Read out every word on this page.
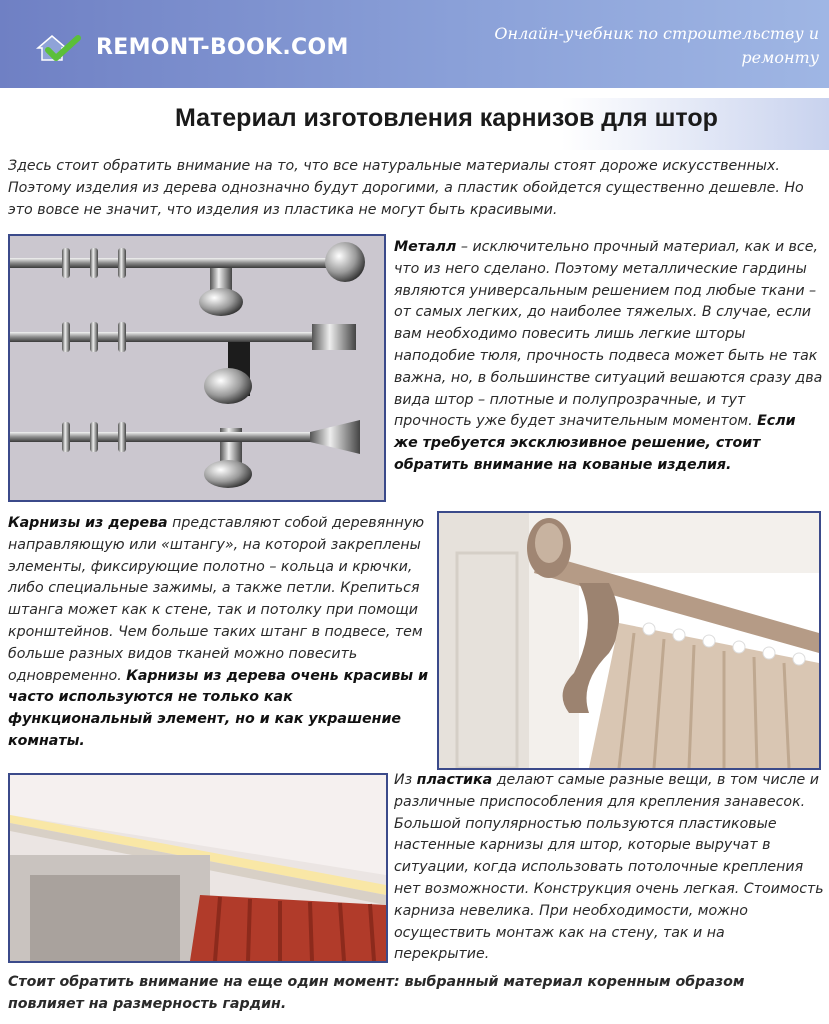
REMONT-BOOK.COM
Онлайн-учебник по строительству и ремонту
Материал изготовления карнизов для штор
Здесь стоит обратить внимание на то, что все натуральные материалы стоят дороже искусственных. Поэтому изделия из дерева однозначно будут дорогими, а пластик обойдется существенно дешевле. Но это вовсе не значит, что изделия из пластика не могут быть красивыми.
Металл – исключительно прочный материал, как и все, что из него сделано. Поэтому металлические гардины являются универсальным решением под любые ткани – от самых легких, до наиболее тяжелых. В случае, если вам необходимо повесить лишь легкие шторы наподобие тюля, прочность подвеса может быть не так важна, но, в большинстве ситуаций вешаются сразу два вида штор – плотные и полупрозрачные, и тут прочность уже будет значительным моментом. Если же требуется эксклюзивное решение, стоит обратить внимание на кованые изделия.
Карнизы из дерева представляют собой деревянную направляющую или «штангу», на которой закреплены элементы, фиксирующие полотно – кольца и крючки, либо специальные зажимы, а также петли. Крепиться штанга может как к стене, так и потолку при помощи кронштейнов. Чем больше таких штанг в подвесе, тем больше разных видов тканей можно повесить одновременно. Карнизы из дерева очень красивы и часто используются не только как функциональный элемент, но и как украшение комнаты.
Из пластика делают самые разные вещи, в том числе и различные приспособления для крепления занавесок. Большой популярностью пользуются пластиковые настенные карнизы для штор, которые выручат в ситуации, когда использовать потолочные крепления нет возможности. Конструкция очень легкая. Стоимость карниза невелика. При необходимости, можно осуществить монтаж как на стену, так и на перекрытие.
Стоит обратить внимание на еще один момент: выбранный материал коренным образом повлияет на размерность гардин.
